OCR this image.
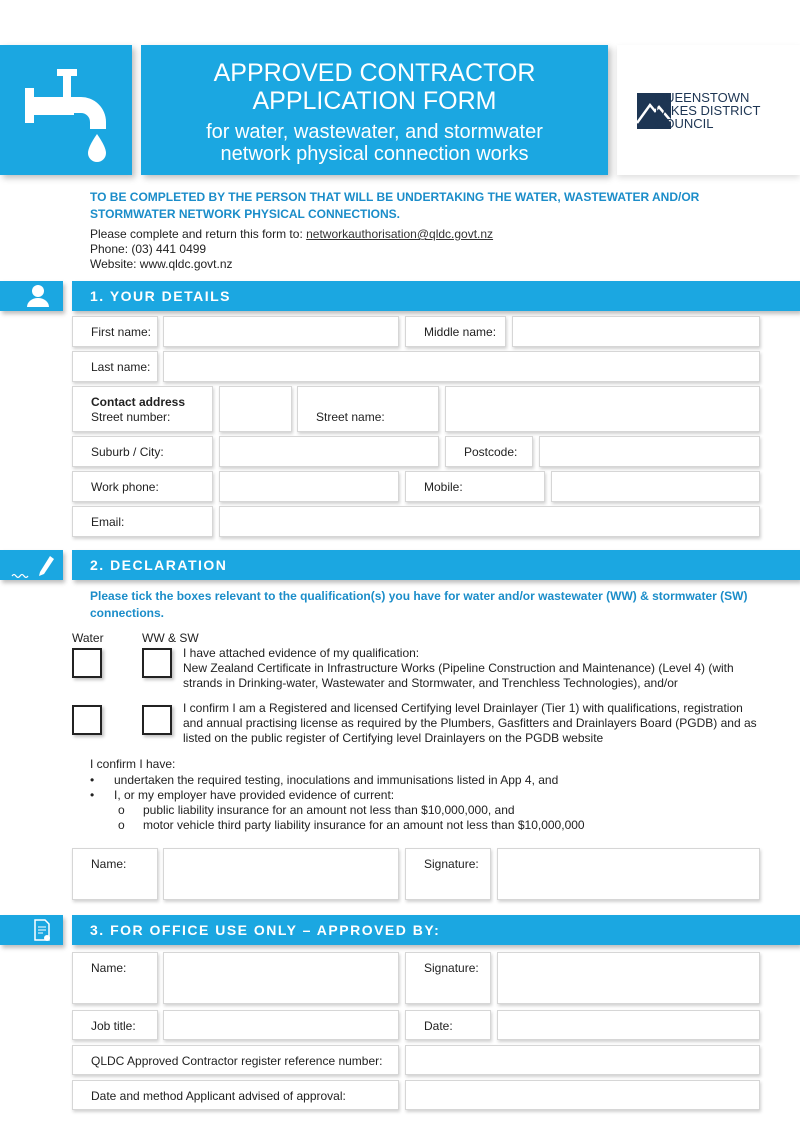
APPROVED CONTRACTOR
APPLICATION FORM
for water, wastewater, and stormwater
network physical connection works
QUEENSTOWN
LAKES DISTRICT
COUNCIL
TO BE COMPLETED BY THE PERSON THAT WILL BE UNDERTAKING THE WATER, WASTEWATER AND/OR STORMWATER NETWORK PHYSICAL CONNECTIONS.
Please complete and return this form to: networkauthorisation@qldc.govt.nz
Phone: (03) 441 0499
Website: www.qldc.govt.nz
1. YOUR DETAILS
First name:	Middle name:
Last name:
Contact address
Street number:	Street name:
Suburb / City:	Postcode:
Work phone:	Mobile:
Email:
2. DECLARATION
Please tick the boxes relevant to the qualification(s) you have for water and/or wastewater (WW) & stormwater (SW) connections.
Water	WW & SW
I have attached evidence of my qualification:
New Zealand Certificate in Infrastructure Works (Pipeline Construction and Maintenance) (Level 4) (with strands in Drinking-water, Wastewater and Stormwater, and Trenchless Technologies), and/or
I confirm I am a Registered and licensed Certifying level Drainlayer (Tier 1) with qualifications, registration and annual practising license as required by the Plumbers, Gasfitters and Drainlayers Board (PGDB) and as listed on the public register of Certifying level Drainlayers on the PGDB website
I confirm I have:
• undertaken the required testing, inoculations and immunisations listed in App 4, and
• I, or my employer have provided evidence of current:
o public liability insurance for an amount not less than $10,000,000, and
o motor vehicle third party liability insurance for an amount not less than $10,000,000
Name:	Signature:
3. FOR OFFICE USE ONLY – APPROVED BY:
Name:	Signature:
Job title:	Date:
QLDC Approved Contractor register reference number:
Date and method Applicant advised of approval:
